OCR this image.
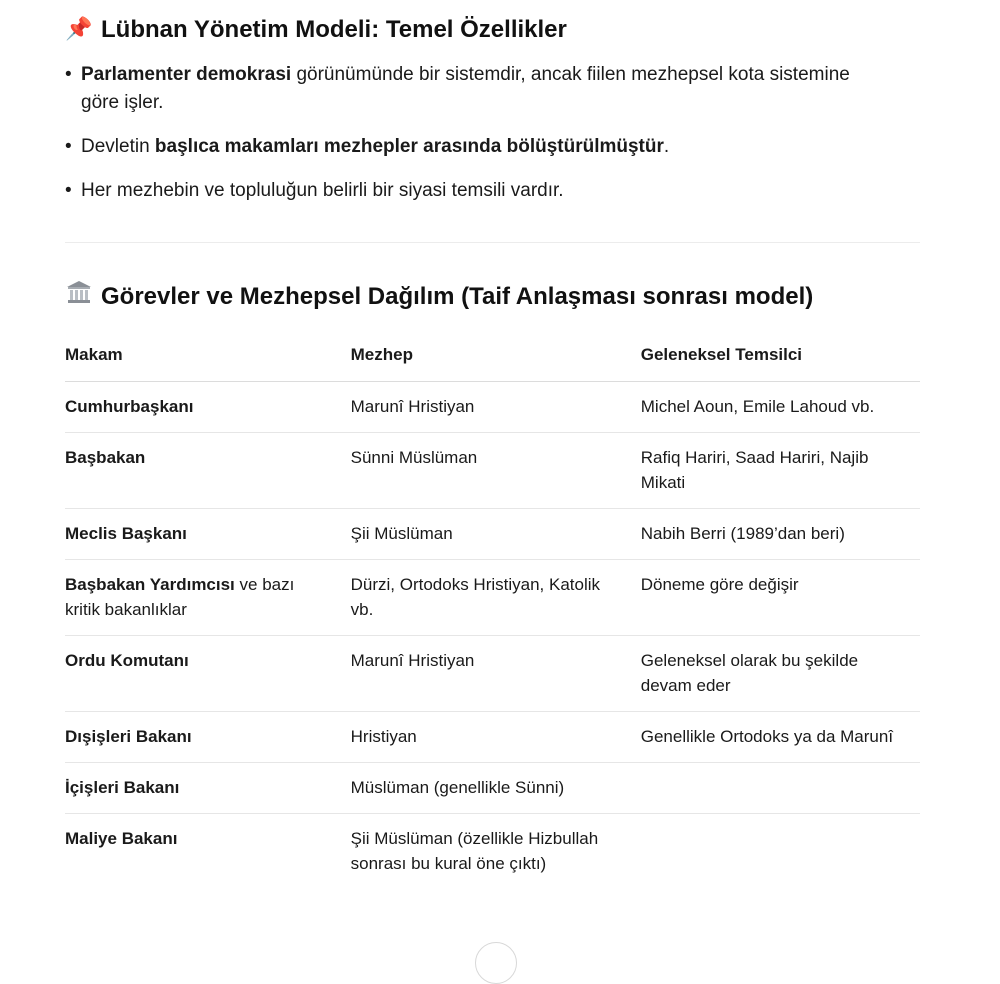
📌 Lübnan Yönetim Modeli: Temel Özellikler
• Parlamenter demokrasi görünümünde bir sistemdir, ancak fiilen mezhepsel kota sistemine göre işler.
• Devletin başlıca makamları mezhepler arasında bölüştürülmüştür.
• Her mezhebin ve topluluğun belirli bir siyasi temsili vardır.
Görevler ve Mezhepsel Dağılım (Taif Anlaşması sonrası model)
Makam	Mezhep	Geleneksel Temsilci
Cumhurbaşkanı	Marunî Hristiyan	Michel Aoun, Emile Lahoud vb.
Başbakan	Sünni Müslüman	Rafiq Hariri, Saad Hariri, Najib Mikati
Meclis Başkanı	Şii Müslüman	Nabih Berri (1989’dan beri)
Başbakan Yardımcısı ve bazı kritik bakanlıklar	Dürzi, Ortodoks Hristiyan, Katolik vb.	Döneme göre değişir
Ordu Komutanı	Marunî Hristiyan	Geleneksel olarak bu şekilde devam eder
Dışişleri Bakanı	Hristiyan	Genellikle Ortodoks ya da Marunî
İçişleri Bakanı	Müslüman (genellikle Sünni)	
Maliye Bakanı	Şii Müslüman (özellikle Hizbullah sonrası bu kural öne çıktı)	
